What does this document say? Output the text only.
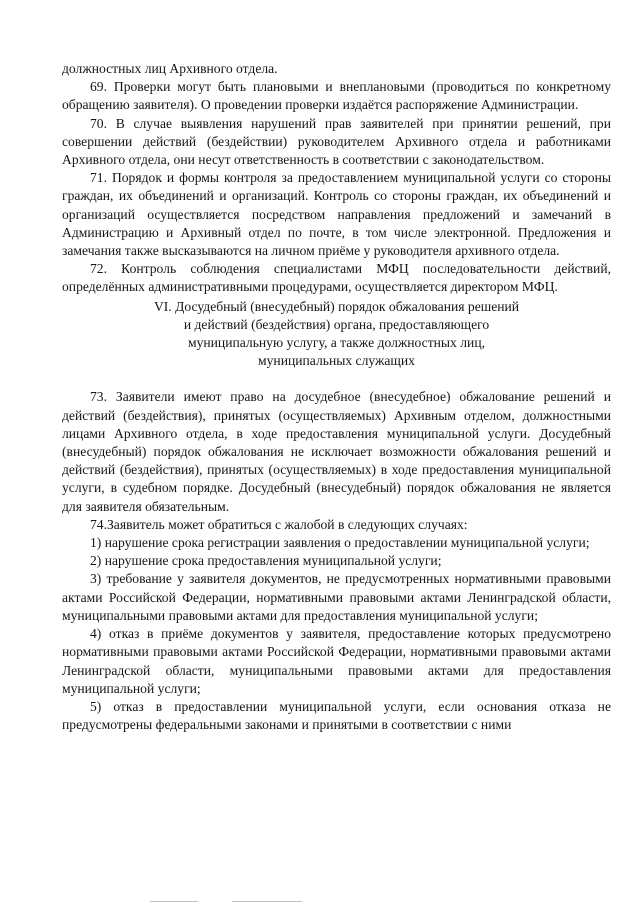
должностных лиц Архивного отдела.

69. Проверки могут быть плановыми и внеплановыми (проводиться по конкретному обращению заявителя). О проведении проверки издаётся распоряжение Администрации.

70. В случае выявления нарушений прав заявителей при принятии решений, при совершении действий (бездействии) руководителем Архивного отдела и работниками Архивного отдела, они несут ответственность в соответствии с законодательством.

71. Порядок и формы контроля за предоставлением муниципальной услуги со стороны граждан, их объединений и организаций. Контроль со стороны граждан, их объединений и организаций осуществляется посредством направления предложений и замечаний в Администрацию и Архивный отдел по почте, в том числе электронной. Предложения и замечания также высказываются на личном приёме у руководителя архивного отдела.

72. Контроль соблюдения специалистами МФЦ последовательности действий, определённых административными процедурами, осуществляется директором МФЦ.

VI. Досудебный (внесудебный) порядок обжалования решений
и действий (бездействия) органа, предоставляющего
муниципальную услугу, а также должностных лиц,
муниципальных служащих

73. Заявители имеют право на досудебное (внесудебное) обжалование решений и действий (бездействия), принятых (осуществляемых) Архивным отделом, должностными лицами Архивного отдела, в ходе предоставления муниципальной услуги. Досудебный (внесудебный) порядок обжалования не исключает возможности обжалования решений и действий (бездействия), принятых (осуществляемых) в ходе предоставления муниципальной услуги, в судебном порядке. Досудебный (внесудебный) порядок обжалования не является для заявителя обязательным.

74.Заявитель может обратиться с жалобой в следующих случаях:

1) нарушение срока регистрации заявления о предоставлении муниципальной услуги;

2) нарушение срока предоставления муниципальной услуги;

3) требование у заявителя документов, не предусмотренных нормативными правовыми актами Российской Федерации, нормативными правовыми актами Ленинградской области, муниципальными правовыми актами для предоставления муниципальной услуги;

4) отказ в приёме документов у заявителя, предоставление которых предусмотрено нормативными правовыми актами Российской Федерации, нормативными правовыми актами Ленинградской области, муниципальными правовыми актами для предоставления муниципальной услуги;

5) отказ в предоставлении муниципальной услуги, если основания отказа не предусмотрены федеральными законами и принятыми в соответствии с ними
